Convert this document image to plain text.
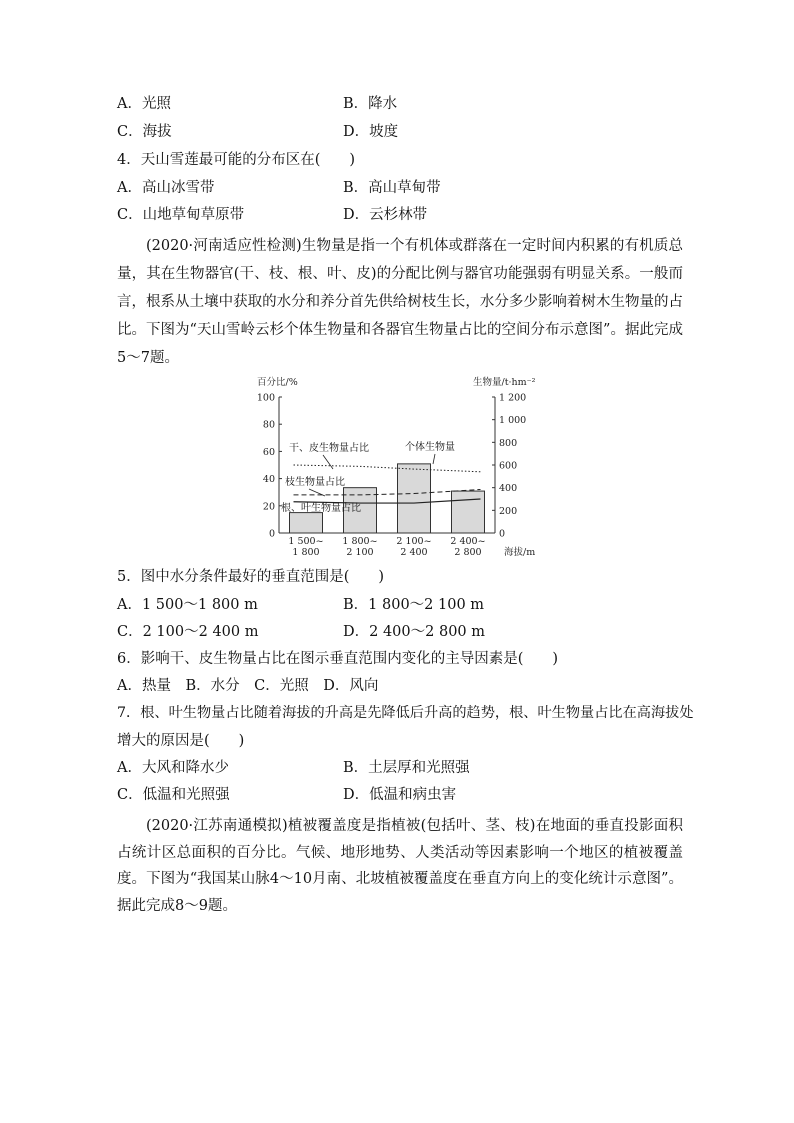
A．光照	B．降水
C．海拔	D．坡度
4．天山雪莲最可能的分布区在(　　)
A．高山冰雪带	B．高山草甸带
C．山地草甸草原带	D．云杉林带
(2020·河南适应性检测)生物量是指一个有机体或群落在一定时间内积累的有机质总量，其在生物器官(干、枝、根、叶、皮)的分配比例与器官功能强弱有明显关系。一般而言，根系从土壤中获取的水分和养分首先供给树枝生长，水分多少影响着树木生物量的占比。下图为“天山雪岭云杉个体生物量和各器官生物量占比的空间分布示意图”。据此完成5～7题。
百分比/%	生物量/t·hm⁻²
0
20
40
60
80
100
0
200
400
600
800
1 000
1 200
1 500~
1 800
1 800~
2 100
2 100~
2 400
2 400~
2 800 海拔/m
干、皮生物量占比	个体生物量
枝生物量占比
根、叶生物量占比
5．图中水分条件最好的垂直范围是(　　)
A．1 500～1 800 m	B．1 800～2 100 m
C．2 100～2 400 m	D．2 400～2 800 m
6．影响干、皮生物量占比在图示垂直范围内变化的主导因素是(　　)
A．热量　B．水分　C．光照　D．风向
7．根、叶生物量占比随着海拔的升高是先降低后升高的趋势，根、叶生物量占比在高海拔处
增大的原因是(　　)
A．大风和降水少	B．土层厚和光照强
C．低温和光照强	D．低温和病虫害
(2020·江苏南通模拟)植被覆盖度是指植被(包括叶、茎、枝)在地面的垂直投影面积占统计区总面积的百分比。气候、地形地势、人类活动等因素影响一个地区的植被覆盖度。下图为“我国某山脉4～10月南、北坡植被覆盖度在垂直方向上的变化统计示意图”。据此完成8～9题。
